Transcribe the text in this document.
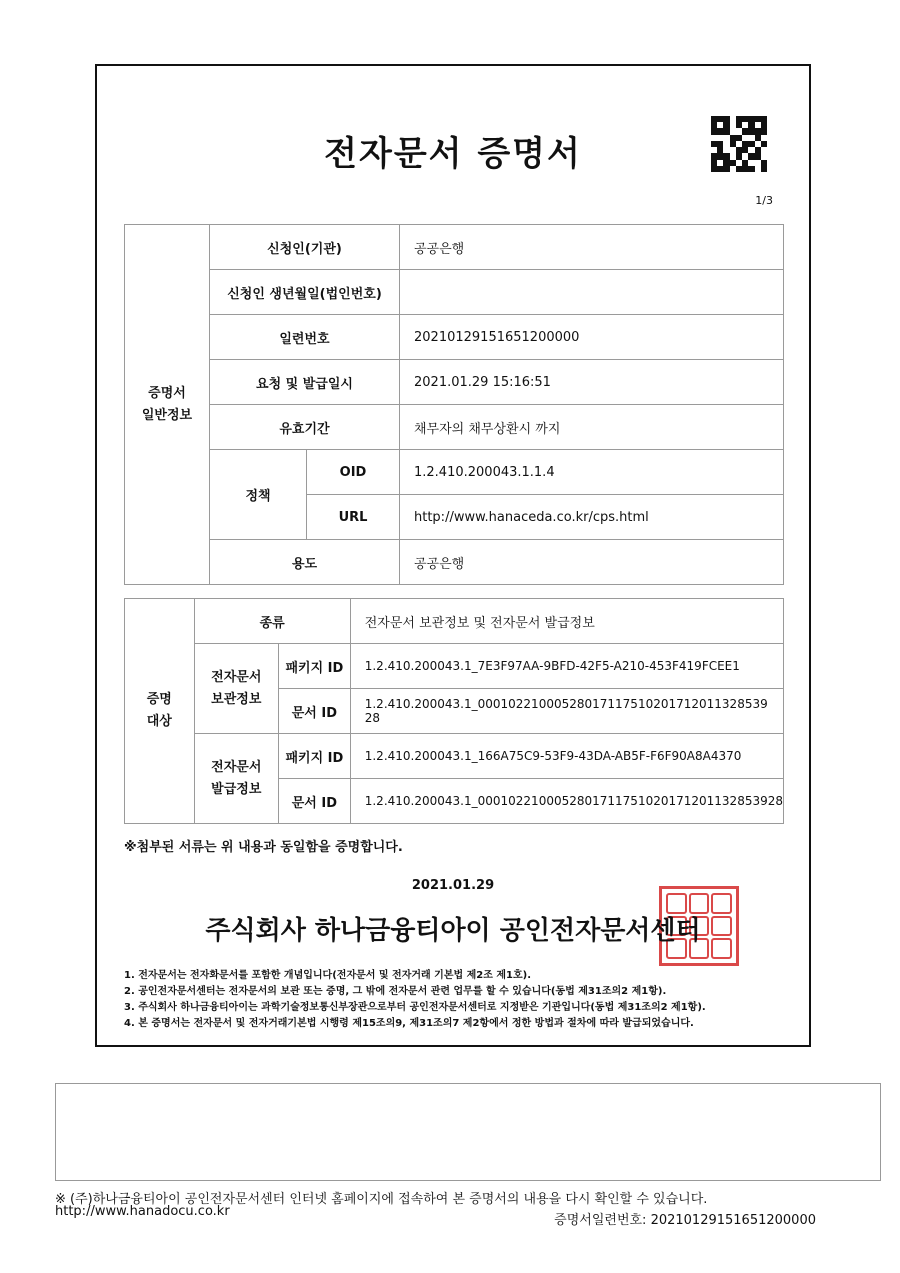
전자문서 증명서
1/3
증명서
일반정보	신청인(기관)		공공은행
	신청인 생년월일(법인번호)		
	일련번호		20210129151651200000
	요청 및 발급일시		2021.01.29 15:16:51
	유효기간		채무자의 채무상환시 까지
	정책	OID	1.2.410.200043.1.1.4
		URL	http://www.hanaceda.co.kr/cps.html
	용도		공공은행
증명
대상	종류		전자문서 보관정보 및 전자문서 발급정보
	전자문서
보관정보	패키지 ID	1.2.410.200043.1_7E3F97AA-9BFD-42F5-A210-453F419FCEE1
		문서 ID	1.2.410.200043.1_00010221000528017117510201712011328539 28
	전자문서
발급정보	패키지 ID	1.2.410.200043.1_166A75C9-53F9-43DA-AB5F-F6F90A8A4370
		문서 ID	1.2.410.200043.1_0001022100052801711751020171201132853928
※첨부된 서류는 위 내용과 동일함을 증명합니다.
2021.01.29
주식회사 하나금융티아이 공인전자문서센터
1. 전자문서는 전자화문서를 포함한 개념입니다(전자문서 및 전자거래 기본법 제2조 제1호).
2. 공인전자문서센터는 전자문서의 보관 또는 증명, 그 밖에 전자문서 관련 업무를 할 수 있습니다(동법 제31조의2 제1항).
3. 주식회사 하나금융티아이는 과학기술정보통신부장관으로부터 공인전자문서센터로 지정받은 기관입니다(동법 제31조의2 제1항).
4. 본 증명서는 전자문서 및 전자거래기본법 시행령 제15조의9, 제31조의7 제2항에서 정한 방법과 절차에 따라 발급되었습니다.
※ (주)하나금융티아이 공인전자문서센터 인터넷 홈페이지에 접속하여 본 증명서의 내용을 다시 확인할 수 있습니다.
http://www.hanadocu.co.kr
증명서일련번호: 20210129151651200000
